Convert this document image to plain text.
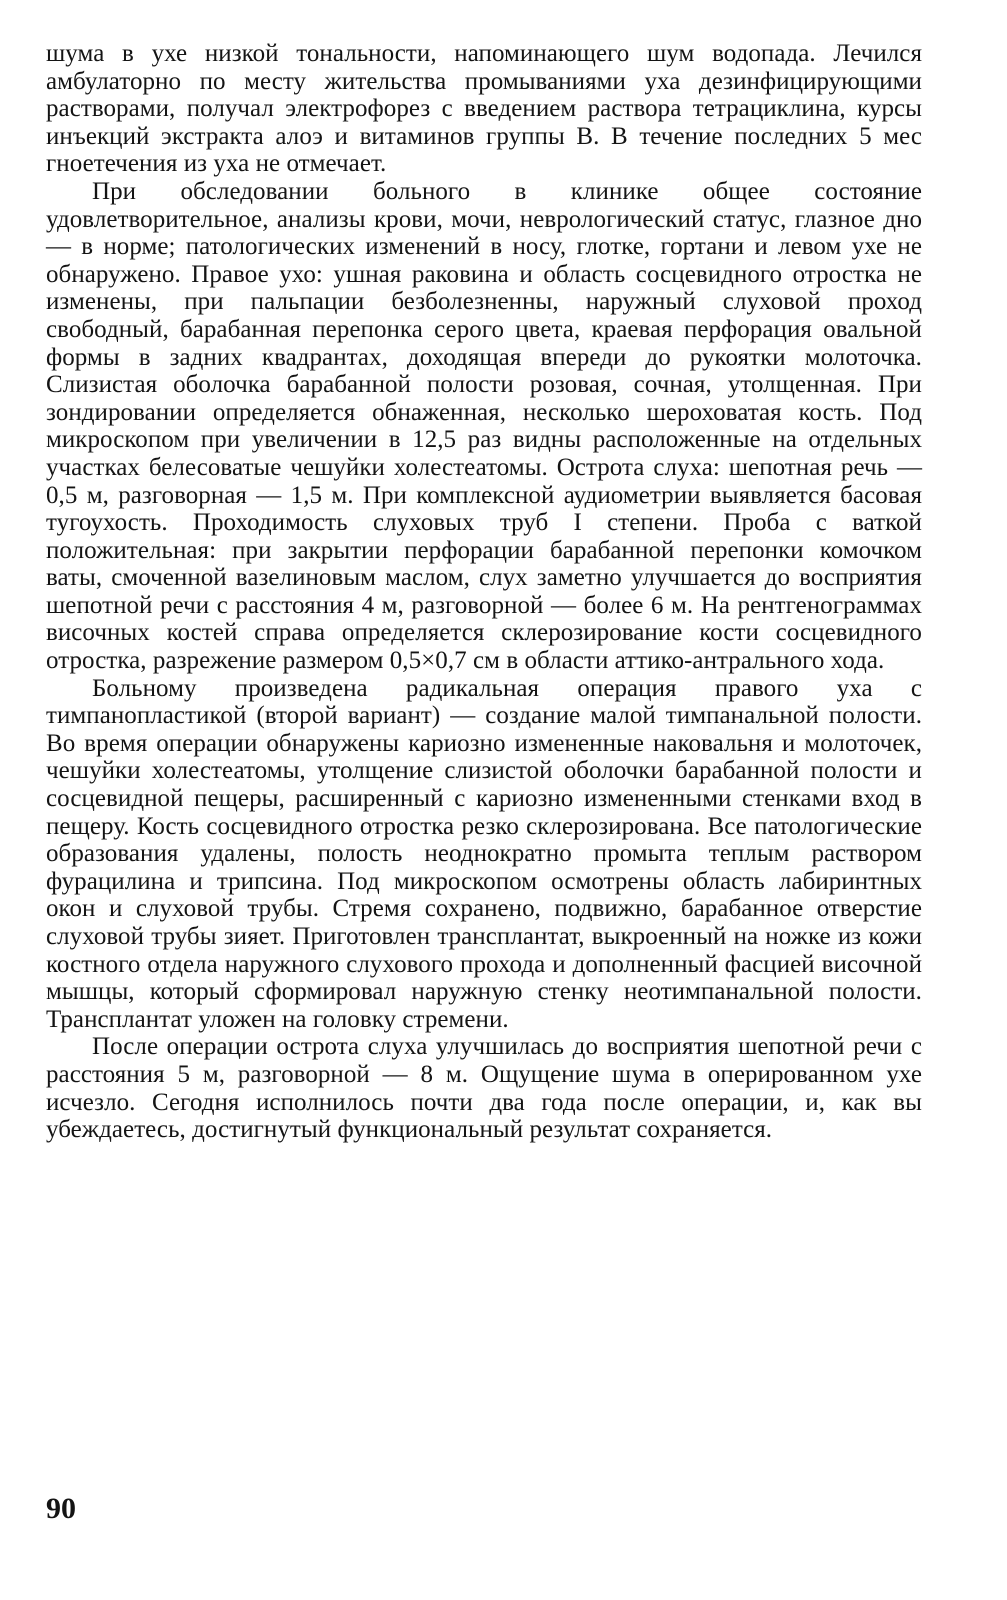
шума в ухе низкой тональности, напоминающего шум водопада. Лечился амбулаторно по месту жительства промываниями уха дезинфицирующими растворами, получал электрофорез с введением раствора тетрациклина, курсы инъекций экстракта алоэ и витаминов группы В. В течение последних 5 мес гноетечения из уха не отмечает.

При обследовании больного в клинике общее состояние удовлетворительное, анализы крови, мочи, неврологический статус, глазное дно — в норме; патологических изменений в носу, глотке, гортани и левом ухе не обнаружено. Правое ухо: ушная раковина и область сосцевидного отростка не изменены, при пальпации безболезненны, наружный слуховой проход свободный, барабанная перепонка серого цвета, краевая перфорация овальной формы в задних квадрантах, доходящая впереди до рукоятки молоточка. Слизистая оболочка барабанной полости розовая, сочная, утолщенная. При зондировании определяется обнаженная, несколько шероховатая кость. Под микроскопом при увеличении в 12,5 раз видны расположенные на отдельных участках белесоватые чешуйки холестеатомы. Острота слуха: шепотная речь — 0,5 м, разговорная — 1,5 м. При комплексной аудиометрии выявляется басовая тугоухость. Проходимость слуховых труб I степени. Проба с ваткой положительная: при закрытии перфорации барабанной перепонки комочком ваты, смоченной вазелиновым маслом, слух заметно улучшается до восприятия шепотной речи с расстояния 4 м, разговорной — более 6 м. На рентгенограммах височных костей справа определяется склерозирование кости сосцевидного отростка, разрежение размером 0,5×0,7 см в области аттико-антрального хода.

Больному произведена радикальная операция правого уха с тимпанопластикой (второй вариант) — создание малой тимпанальной полости. Во время операции обнаружены кариозно измененные наковальня и молоточек, чешуйки холестеатомы, утолщение слизистой оболочки барабанной полости и сосцевидной пещеры, расширенный с кариозно измененными стенками вход в пещеру. Кость сосцевидного отростка резко склерозирована. Все патологические образования удалены, полость неоднократно промыта теплым раствором фурацилина и трипсина. Под микроскопом осмотрены область лабиринтных окон и слуховой трубы. Стремя сохранено, подвижно, барабанное отверстие слуховой трубы зияет. Приготовлен трансплантат, выкроенный на ножке из кожи костного отдела наружного слухового прохода и дополненный фасцией височной мышцы, который сформировал наружную стенку неотимпанальной полости. Трансплантат уложен на головку стремени.

После операции острота слуха улучшилась до восприятия шепотной речи с расстояния 5 м, разговорной — 8 м. Ощущение шума в оперированном ухе исчезло. Сегодня исполнилось почти два года после операции, и, как вы убеждаетесь, достигнутый функциональный результат сохраняется.

90
